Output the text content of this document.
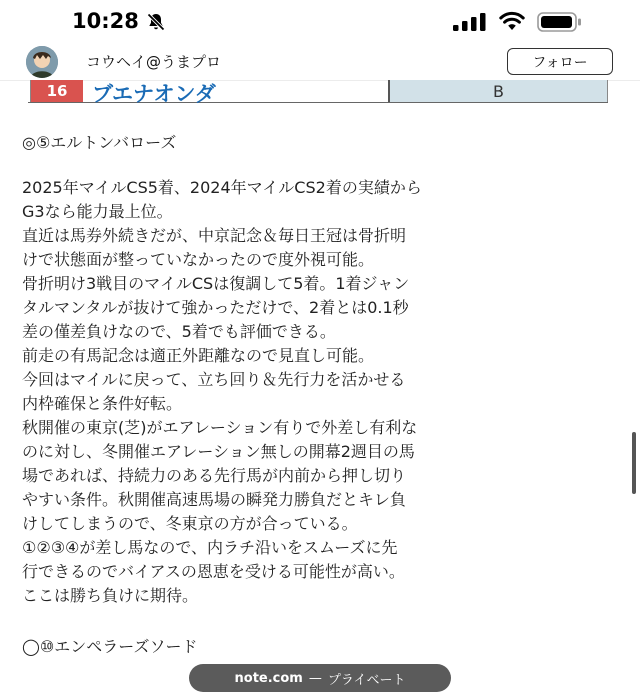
10:28
コウヘイ@うまプロ	フォロー
16	ブエナオンダ	B
◎⑤エルトンバローズ
2025年マイルCS5着、2024年マイルCS2着の実績から
G3なら能力最上位。
直近は馬券外続きだが、中京記念＆毎日王冠は骨折明
けで状態面が整っていなかったので度外視可能。
骨折明け3戦目のマイルCSは復調して5着。1着ジャン
タルマンタルが抜けて強かっただけで、2着とは0.1秒
差の僅差負けなので、5着でも評価できる。
前走の有馬記念は適正外距離なので見直し可能。
今回はマイルに戻って、立ち回り＆先行力を活かせる
内枠確保と条件好転。
秋開催の東京(芝)がエアレーション有りで外差し有利な
のに対し、冬開催エアレーション無しの開幕2週目の馬
場であれば、持続力のある先行馬が内前から押し切り
やすい条件。秋開催高速馬場の瞬発力勝負だとキレ負
けしてしまうので、冬東京の方が合っている。
①②③④が差し馬なので、内ラチ沿いをスムーズに先
行できるのでバイアスの恩恵を受ける可能性が高い。
ここは勝ち負けに期待。
◯⑩エンペラーズソード
note.com — プライベート
